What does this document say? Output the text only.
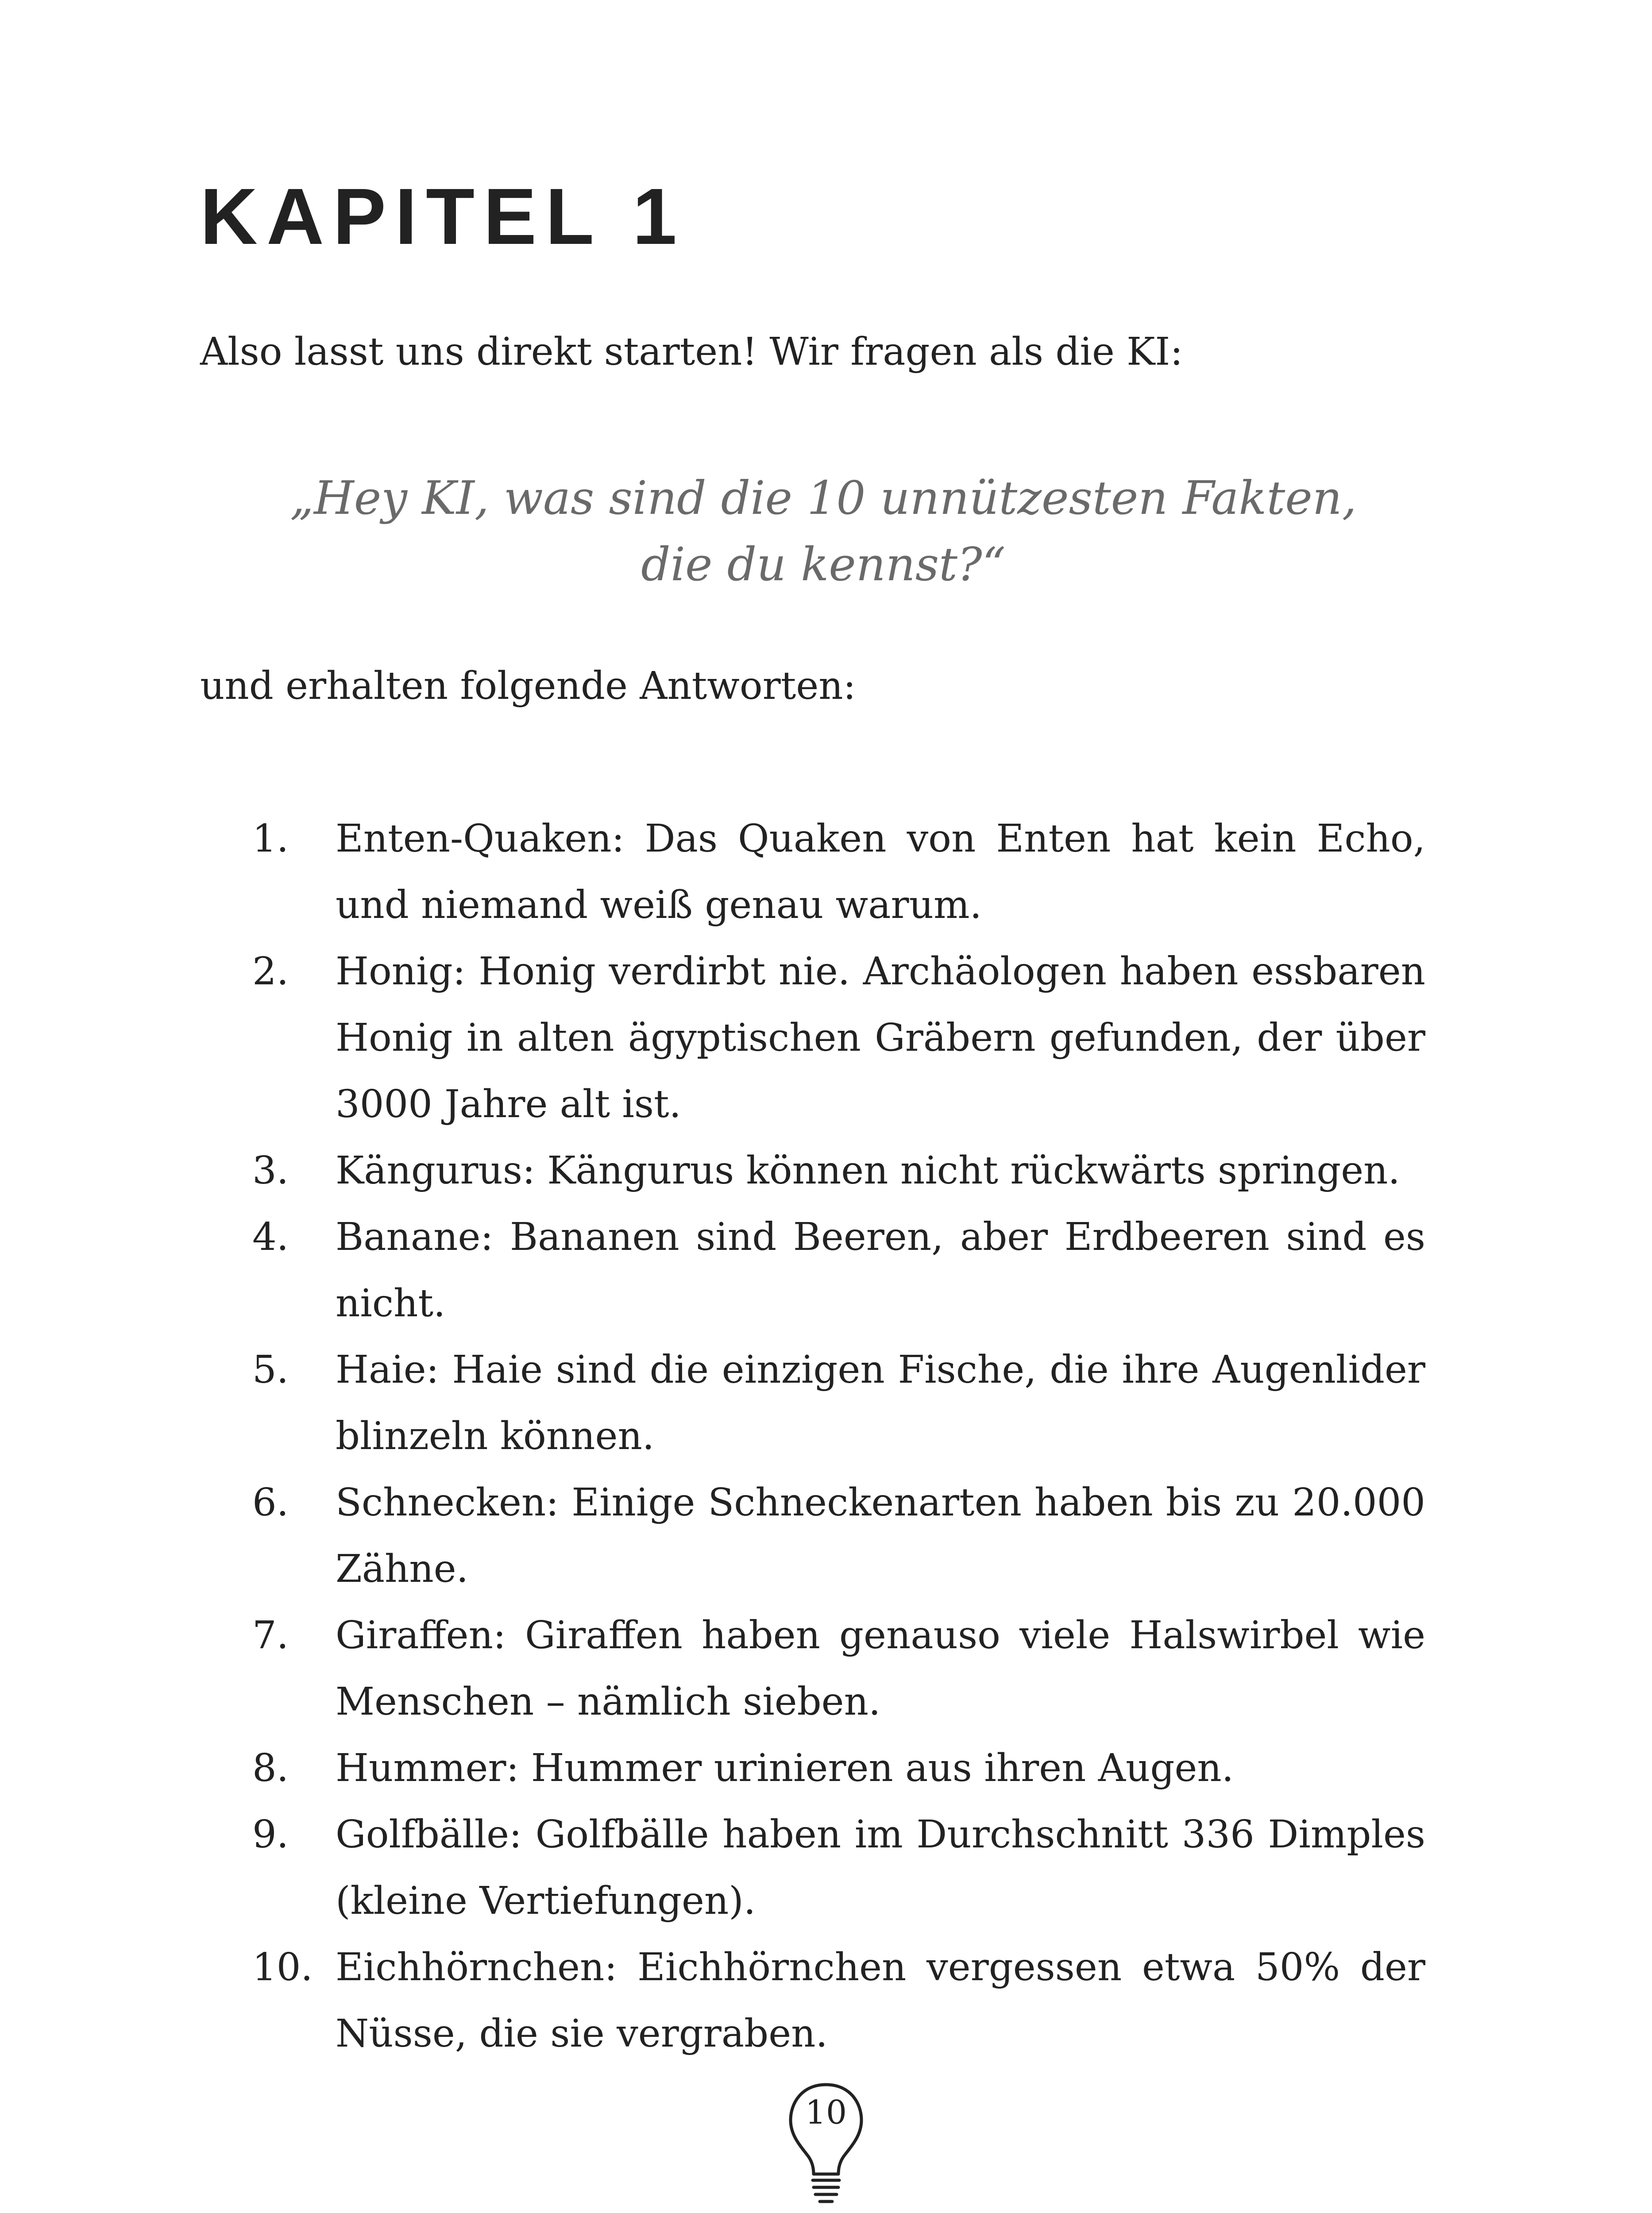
KAPITEL 1
Also lasst uns direkt starten! Wir fragen als die KI:
„Hey KI, was sind die 10 unnützesten Fakten,
die du kennst?“
und erhalten folgende Antworten:
1.	Enten-Quaken: Das Quaken von Enten hat kein Echo, und niemand weiß genau warum.
2.	Honig: Honig verdirbt nie. Archäologen haben essbaren Honig in alten ägyptischen Gräbern gefunden, der über 3000 Jahre alt ist.
3.	Kängurus: Kängurus können nicht rückwärts springen.
4.	Banane: Bananen sind Beeren, aber Erdbeeren sind es nicht.
5.	Haie: Haie sind die einzigen Fische, die ihre Augenlider blinzeln können.
6.	Schnecken: Einige Schneckenarten haben bis zu 20.000 Zähne.
7.	Giraffen: Giraffen haben genauso viele Halswirbel wie Menschen – nämlich sieben.
8.	Hummer: Hummer urinieren aus ihren Augen.
9.	Golfbälle: Golfbälle haben im Durchschnitt 336 Dimples (kleine Vertiefungen).
10. Eichhörnchen: Eichhörnchen vergessen etwa 50% der Nüsse, die sie vergraben.
10
